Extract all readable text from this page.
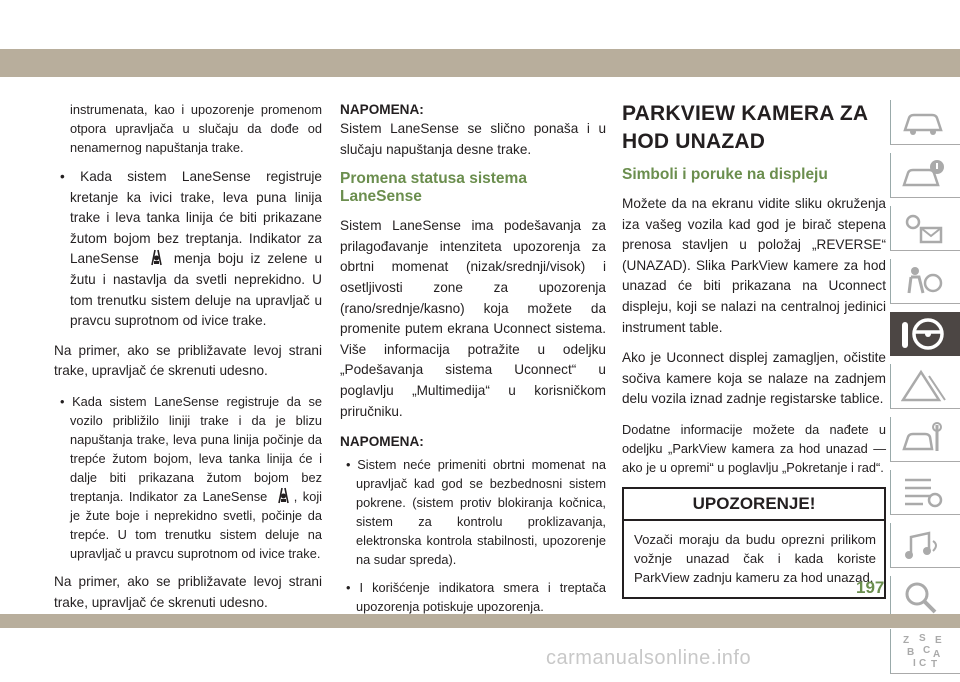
instrumenata, kao i upozorenje promenom otpora upravljača u slučaju da dođe od nenamernog napuštanja trake.

• Kada sistem LaneSense registruje kretanje ka ivici trake, leva puna linija trake i leva tanka linija će biti prikazane žutom bojom bez treptanja. Indikator za LaneSense	menja boju iz zelene u žutu i nastavlja da svetli neprekidno. U tom trenutku sistem deluje na upravljač u pravcu suprotnom od ivice trake.

Na primer, ako se približavate levoj strani trake, upravljač će skrenuti udesno.

• Kada sistem LaneSense registruje da se vozilo približilo liniji trake i da je blizu napuštanja trake, leva puna linija počinje da trepće žutom bojom, leva tanka linija će i dalje biti prikazana žutom bojom bez treptanja. Indikator za LaneSense , koji je žute boje i neprekidno svetli, počinje da trepće. U tom trenutku sistem deluje na upravljač u pravcu suprotnom od ivice trake.

Na primer, ako se približavate levoj strani trake, upravljač će skrenuti udesno.

NAPOMENA:

Sistem LaneSense se slično ponaša i u slučaju napuštanja desne trake.

Promena statusa sistema LaneSense

Sistem LaneSense ima podešavanja za prilagođavanje intenziteta upozorenja za obrtni momenat (nizak/srednji/visok) i osetljivosti zone za upozorenja (rano/srednje/kasno) koja možete da promenite putem ekrana Uconnect sistema. Više informacija potražite u odeljku „Podešavanja sistema Uconnect“ u poglavlju „Multimedija“ u korisničkom priručniku.

NAPOMENA:

• Sistem neće primeniti obrtni momenat na upravljač kad god se bezbednosni sistem pokrene. (sistem protiv blokiranja kočnica, sistem za kontrolu proklizavanja, elektronska kontrola stabilnosti, upozorenje na sudar spreda).

• I korišćenje indikatora smera i treptača upozorenja potiskuje upozorenja.

PARKVIEW KAMERA ZA HOD UNAZAD
Simboli i poruke na displeju

Možete da na ekranu vidite sliku okruženja iza vašeg vozila kad god je birač stepena prenosa stavljen u položaj „REVERSE“ (UNAZAD). Slika ParkView kamere za hod unazad će biti prikazana na Uconnect displeju, koji se nalazi na centralnoj jedinici instrument table.

Ako je Uconnect displej zamagljen, očistite sočiva kamere koja se nalaze na zadnjem delu vozila iznad zadnje registarske tablice.

Dodatne informacije možete da nađete u odeljku „ParkView kamera za hod unazad — ako je u opremi“ u poglavlju „Pokretanje i rad“.

UPOZORENJE!
Vozači moraju da budu oprezni prilikom vožnje unazad čak i kada koriste ParkView zadnju kameru za hod unazad.
Z S E
B C A
I C T
197
carmanualsonline.info
